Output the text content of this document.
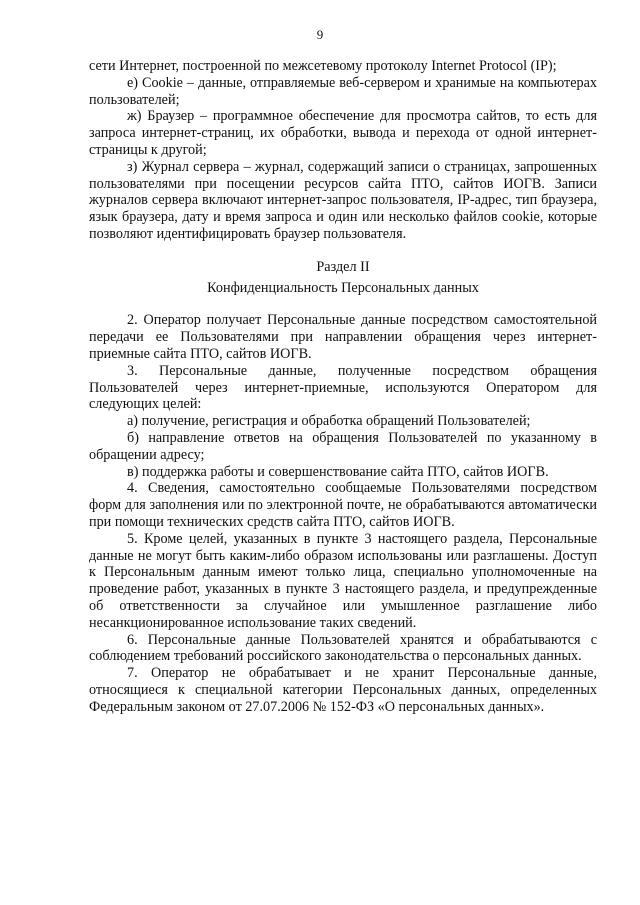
9

сети Интернет, построенной по межсетевому протоколу Internet Protocol (IP);

е) Cookie – данные, отправляемые веб-сервером и хранимые на компьютерах пользователей;

ж) Браузер – программное обеспечение для просмотра сайтов, то есть для запроса интернет-страниц, их обработки, вывода и перехода от одной интернет-страницы к другой;

з) Журнал сервера – журнал, содержащий записи о страницах, запрошенных пользователями при посещении ресурсов сайта ПТО, сайтов ИОГВ. Записи журналов сервера включают интернет-запрос пользователя, IP-адрес, тип браузера, язык браузера, дату и время запроса и один или несколько файлов cookie, которые позволяют идентифицировать браузер пользователя.

Раздел II

Конфиденциальность Персональных данных

2. Оператор получает Персональные данные посредством самостоятельной передачи ее Пользователями при направлении обращения через интернет-приемные сайта ПТО, сайтов ИОГВ.

3. Персональные данные, полученные посредством обращения Пользователей через интернет-приемные, используются Оператором для следующих целей:

а) получение, регистрация и обработка обращений Пользователей;

б) направление ответов на обращения Пользователей по указанному в обращении адресу;

в) поддержка работы и совершенствование сайта ПТО, сайтов ИОГВ.

4. Сведения, самостоятельно сообщаемые Пользователями посредством форм для заполнения или по электронной почте, не обрабатываются автоматически при помощи технических средств сайта ПТО, сайтов ИОГВ.

5. Кроме целей, указанных в пункте 3 настоящего раздела, Персональные данные не могут быть каким-либо образом использованы или разглашены. Доступ к Персональным данным имеют только лица, специально уполномоченные на проведение работ, указанных в пункте 3 настоящего раздела, и предупрежденные об ответственности за случайное или умышленное разглашение либо несанкционированное использование таких сведений.

6. Персональные данные Пользователей хранятся и обрабатываются с соблюдением требований российского законодательства о персональных данных.

7. Оператор не обрабатывает и не хранит Персональные данные, относящиеся к специальной категории Персональных данных, определенных Федеральным законом от 27.07.2006 № 152-ФЗ «О персональных данных».
